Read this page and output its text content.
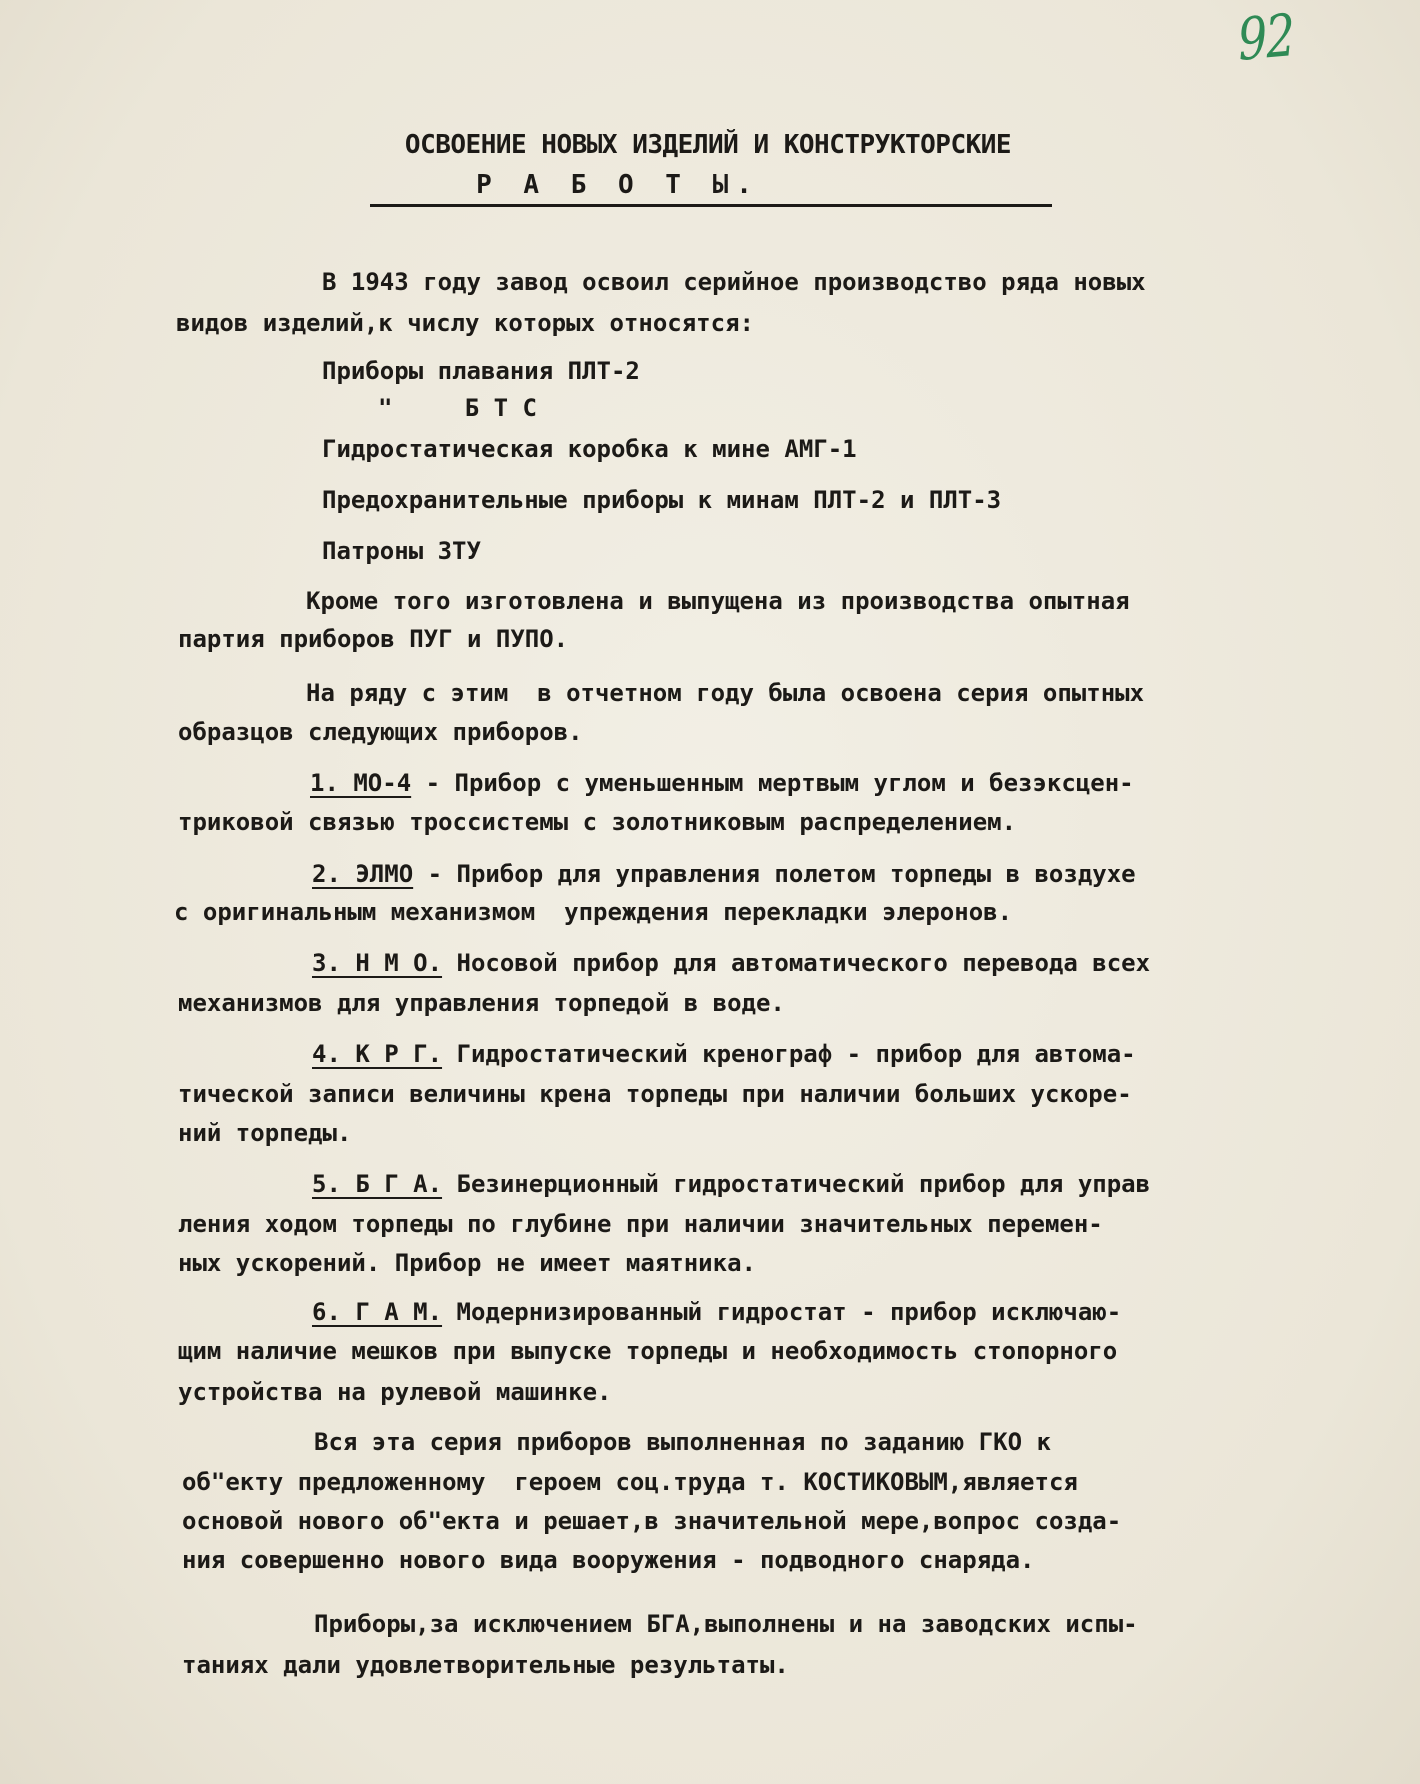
92
ОСВОЕНИЕ НОВЫХ ИЗДЕЛИЙ И КОНСТРУКТОРСКИЕ
Р А Б О Т Ы.

В 1943 году завод освоил серийное производство ряда новых

видов изделий,к числу которых относятся:

Приборы плавания ПЛТ-2

"     Б Т С

Гидростатическая коробка к мине АМГ-1

Предохранительные приборы к минам ПЛТ-2 и ПЛТ-3

Патроны ЗТУ

Кроме того изготовлена и выпущена из производства опытная

партия приборов ПУГ и ПУПО.

На ряду с этим  в отчетном году была освоена серия опытных

образцов следующих приборов.

1. МО-4 - Прибор с уменьшенным мертвым углом и безэксцен-

триковой связью троссистемы с золотниковым распределением.

2. ЭЛМО - Прибор для управления полетом торпеды в воздухе

с оригинальным механизмом  упреждения перекладки элеронов.

3. Н М О. Носовой прибор для автоматического перевода всех

механизмов для управления торпедой в воде.

4. К Р Г. Гидростатический кренограф - прибор для автома-

тической записи величины крена торпеды при наличии больших ускоре-

ний торпеды.

5. Б Г А. Безинерционный гидростатический прибор для управ

ления ходом торпеды по глубине при наличии значительных перемен-

ных ускорений. Прибор не имеет маятника.

6. Г А М. Модернизированный гидростат - прибор исключаю-

щим наличие мешков при выпуске торпеды и необходимость стопорного

устройства на рулевой машинке.

Вся эта серия приборов выполненная по заданию ГКО к

об"екту предложенному  героем соц.труда т. КОСТИКОВЫМ,является

основой нового об"екта и решает,в значительной мере,вопрос созда-

ния совершенно нового вида вооружения - подводного снаряда.

Приборы,за исключением БГА,выполнены и на заводских испы-

таниях дали удовлетворительные результаты.
